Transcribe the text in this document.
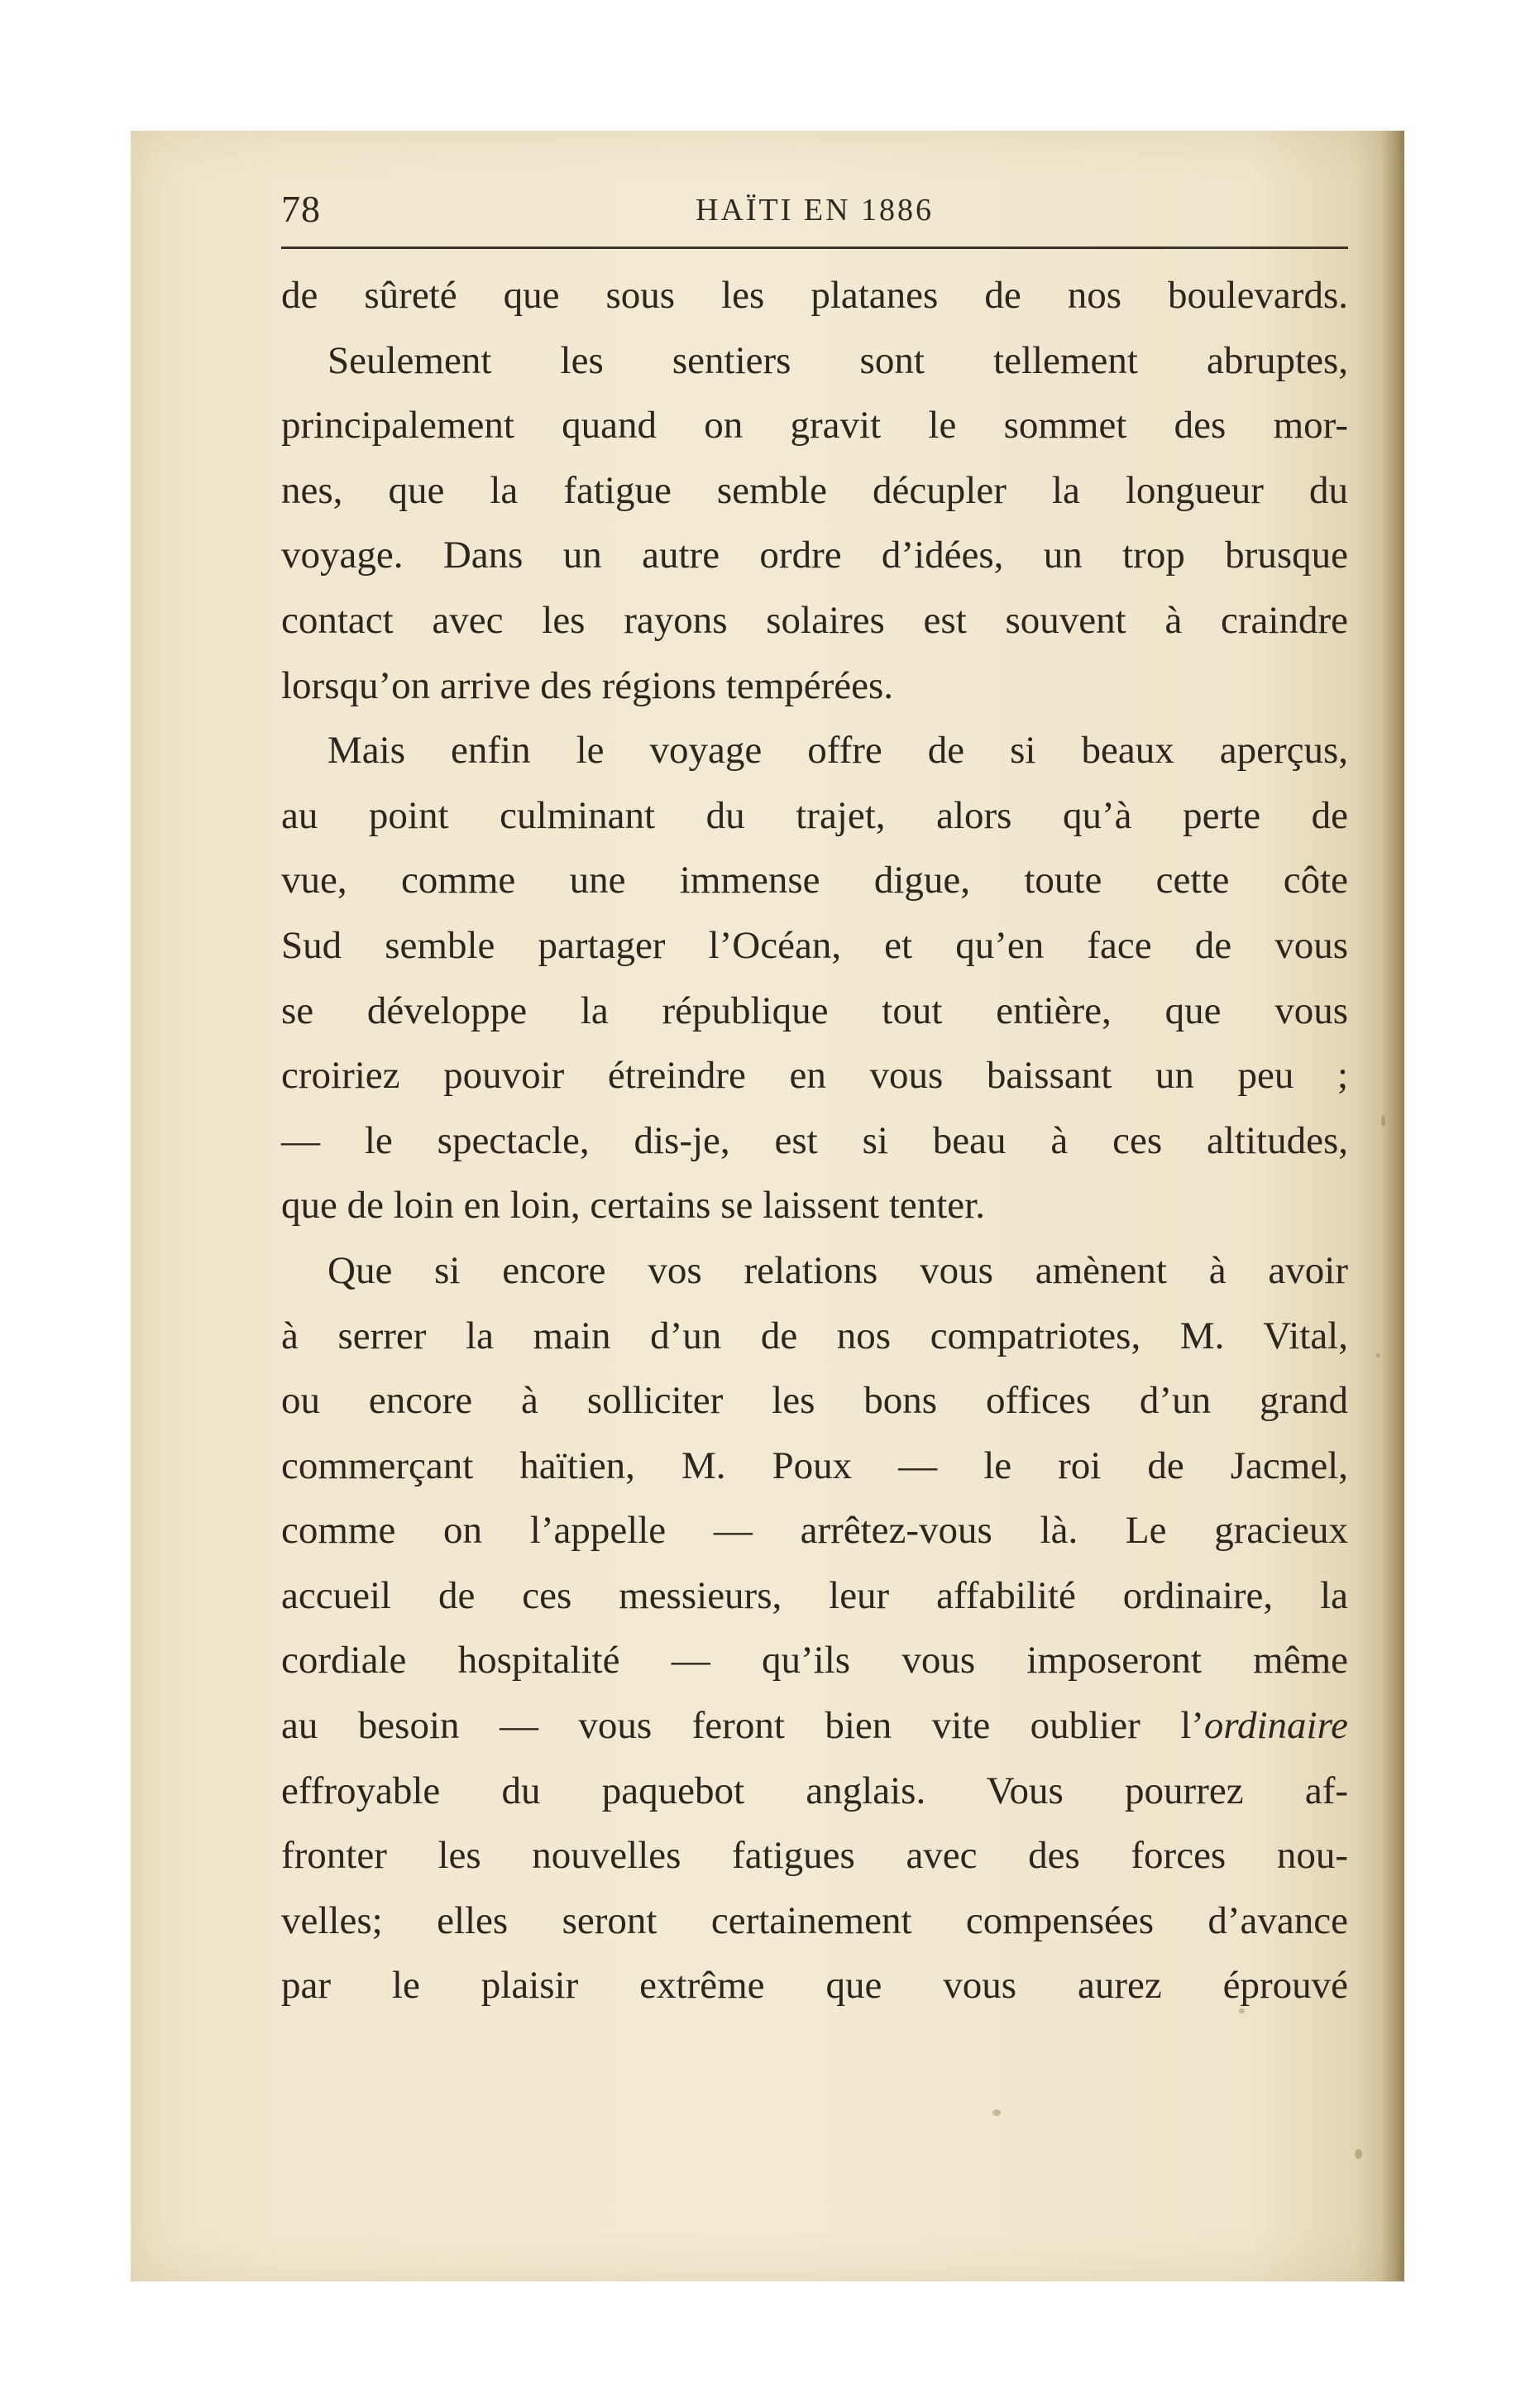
78	HAÏTI EN 1886
de sûreté que sous les platanes de nos boulevards.
Seulement les sentiers sont tellement abruptes,
principalement quand on gravit le sommet des mor-
nes, que la fatigue semble décupler la longueur du
voyage. Dans un autre ordre d’idées, un trop brusque
contact avec les rayons solaires est souvent à craindre
lorsqu’on arrive des régions tempérées.
Mais enfin le voyage offre de si beaux aperçus,
au point culminant du trajet, alors qu’à perte de
vue, comme une immense digue, toute cette côte
Sud semble partager l’Océan, et qu’en face de vous
se développe la république tout entière, que vous
croiriez pouvoir étreindre en vous baissant un peu ;
— le spectacle, dis-je, est si beau à ces altitudes,
que de loin en loin, certains se laissent tenter.
Que si encore vos relations vous amènent à avoir
à serrer la main d’un de nos compatriotes, M. Vital,
ou encore à solliciter les bons offices d’un grand
commerçant haïtien, M. Poux — le roi de Jacmel,
comme on l’appelle — arrêtez-vous là. Le gracieux
accueil de ces messieurs, leur affabilité ordinaire, la
cordiale hospitalité — qu’ils vous imposeront même
au besoin — vous feront bien vite oublier l’ordinaire
effroyable du paquebot anglais. Vous pourrez af-
fronter les nouvelles fatigues avec des forces nou-
velles; elles seront certainement compensées d’avance
par le plaisir extrême que vous aurez éprouvé
